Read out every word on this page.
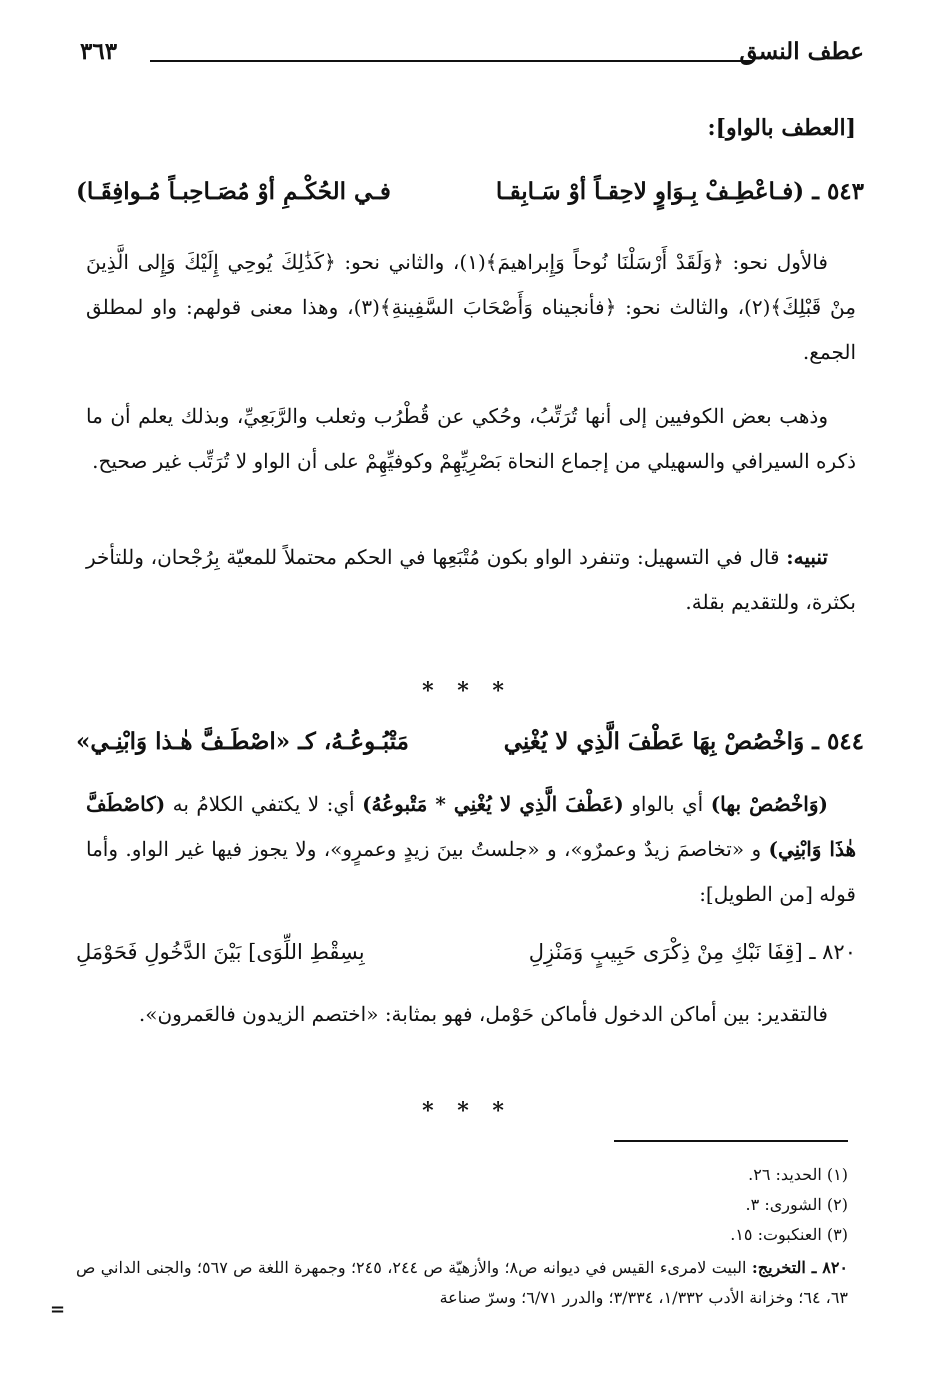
عطف النسق
٣٦٣
[العطف بالواو]:
٥٤٣ ـ (فـاعْطِـفْ بِـوَاوٍ لاحِقـاً أوْ سَـابِقـا
فـي الحُكْـمِ أوْ مُصَـاحِبـاً مُـوافِقَـا)
فالأول نحو: ﴿وَلَقَدْ أَرْسَلْنَا نُوحاً وَإِبراهيمَ﴾(١)، والثاني نحو: ﴿كَذَٰلِكَ يُوحِي إِلَيْكَ وَإِلى الَّذِينَ مِنْ قَبْلِكَ﴾(٢)، والثالث نحو: ﴿فأنجيناه وَأَصْحَابَ السَّفِينةِ﴾(٣)، وهذا معنى قولهم: واو لمطلق الجمع.
وذهب بعض الكوفيين إلى أنها تُرَتِّبُ، وحُكي عن قُطْرُب وثعلب والرَّبَعِيِّ، وبذلك يعلم أن ما ذكره السيرافي والسهيلي من إجماع النحاة بَصْرِيِّهِمْ وكوفيِّهِمْ على أن الواو لا تُرَتِّب غير صحيح.
تنبيه: قال في التسهيل: وتنفرد الواو بكون مُتْبَعِها في الحكم محتملاً للمعيّة بِرُجْحان، وللتأخر بكثرة، وللتقديم بقلة.
* * *
٥٤٤ ـ وَاخْصُصْ بِهَا عَطْفَ الَّذِي لا يُغْنِي
مَتْبُـوعُـهُ، كـ «اصْطَـفَّ هٰـذا وَابْنِـي»
(وَاخْصُصْ بها) أي بالواو (عَطْفَ الَّذِي لا يُغْنِي * مَتْبوعُهُ) أي: لا يكتفي الكلامُ به (كاصْطَفَّ هٰذَا وَابْنِي) و «تخاصمَ زيدٌ وعمرٌو»، و «جلستُ بينَ زيدٍ وعمرٍو»، ولا يجوز فيها غير الواو. وأما قوله [من الطويل]:
٨٢٠ ـ [قِفَا نَبْكِ مِنْ ذِكْرَى حَبِيبٍ وَمَنْزِلِ
بِسِقْطِ اللِّوَى] بَيْنَ الدَّخُولِ فَحَوْمَلِ
فالتقدير: بين أماكن الدخول فأماكن حَوْمل، فهو بمثابة: «اختصم الزيدون فالعَمرون».
* * *
(١) الحديد: ٢٦.
(٢) الشورى: ٣.
(٣) العنكبوت: ١٥.
٨٢٠ ـ التخريج: البيت لامرىء القيس في ديوانه ص٨؛ والأزهيّة ص ٢٤٤، ٢٤٥؛ وجمهرة اللغة ص ٥٦٧؛ والجنى الداني ص ٦٣، ٦٤؛ وخزانة الأدب ١/٣٣٢، ٣/٣٣٤؛ والدرر ٦/٧١؛ وسرّ صناعة
=
